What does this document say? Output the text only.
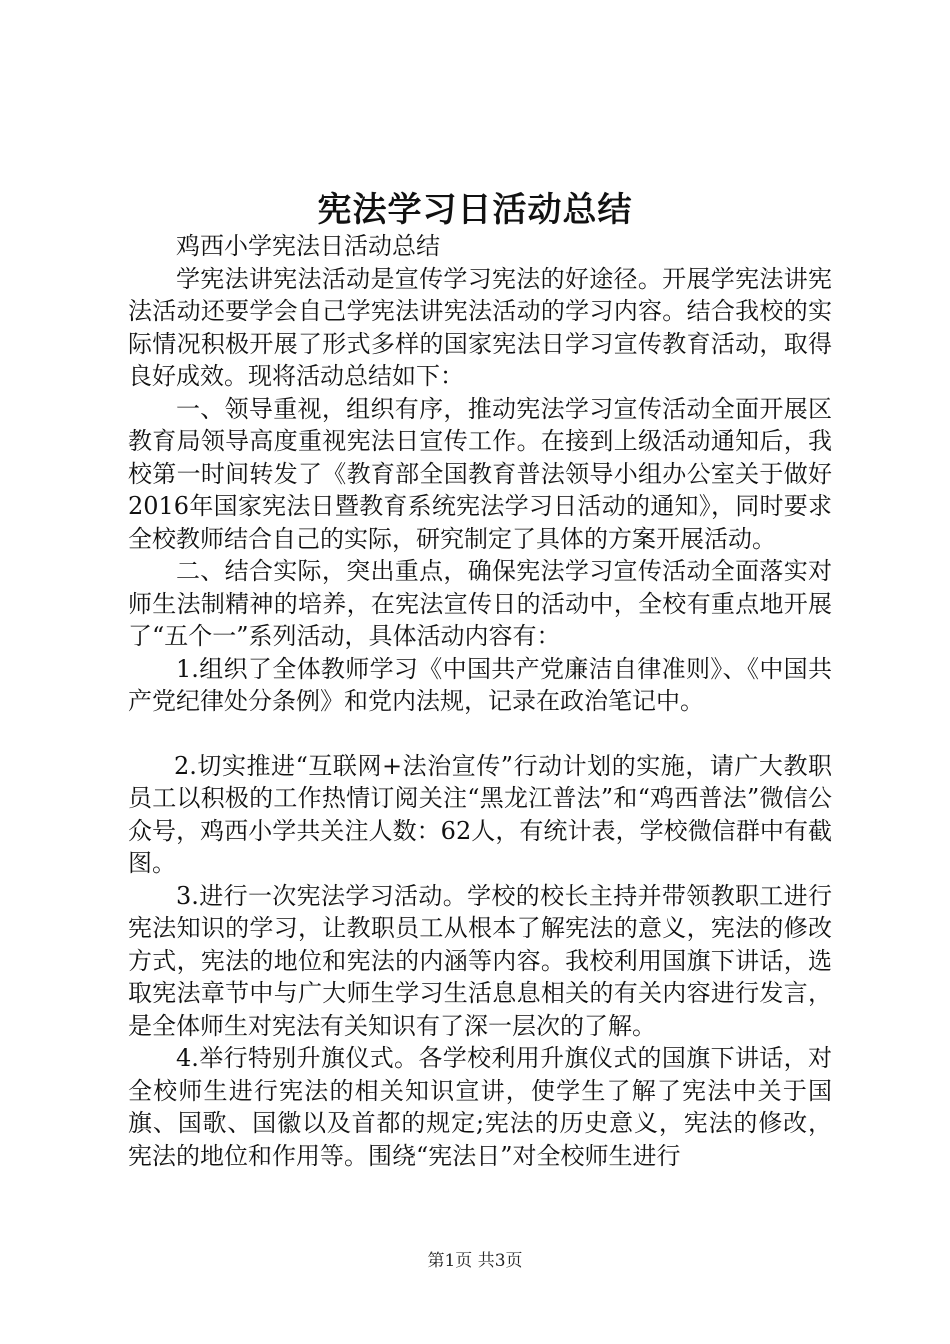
宪法学习日活动总结

鸡西小学宪法日活动总结

学宪法讲宪法活动是宣传学习宪法的好途径。开展学宪法讲宪法活动还要学会自己学宪法讲宪法活动的学习内容。结合我校的实际情况积极开展了形式多样的国家宪法日学习宣传教育活动，取得良好成效。现将活动总结如下：

一、领导重视，组织有序，推动宪法学习宣传活动全面开展区教育局领导高度重视宪法日宣传工作。在接到上级活动通知后，我校第一时间转发了《教育部全国教育普法领导小组办公室关于做好2016年国家宪法日暨教育系统宪法学习日活动的通知》，同时要求全校教师结合自己的实际，研究制定了具体的方案开展活动。

二、结合实际，突出重点，确保宪法学习宣传活动全面落实对师生法制精神的培养，在宪法宣传日的活动中，全校有重点地开展了“五个一”系列活动，具体活动内容有：

1.组织了全体教师学习《中国共产党廉洁自律准则》、《中国共产党纪律处分条例》和党内法规，记录在政治笔记中。

2.切实推进“互联网+法治宣传”行动计划的实施，请广大教职员工以积极的工作热情订阅关注“黑龙江普法”和“鸡西普法”微信公众号，鸡西小学共关注人数：62人，有统计表，学校微信群中有截图。

3.进行一次宪法学习活动。学校的校长主持并带领教职工进行宪法知识的学习，让教职员工从根本了解宪法的意义，宪法的修改方式，宪法的地位和宪法的内涵等内容。我校利用国旗下讲话，选取宪法章节中与广大师生学习生活息息相关的有关内容进行发言，是全体师生对宪法有关知识有了深一层次的了解。

4.举行特别升旗仪式。各学校利用升旗仪式的国旗下讲话，对全校师生进行宪法的相关知识宣讲，使学生了解了宪法中关于国旗、国歌、国徽以及首都的规定;宪法的历史意义，宪法的修改，宪法的地位和作用等。围绕“宪法日”对全校师生进行

第1页 共3页
